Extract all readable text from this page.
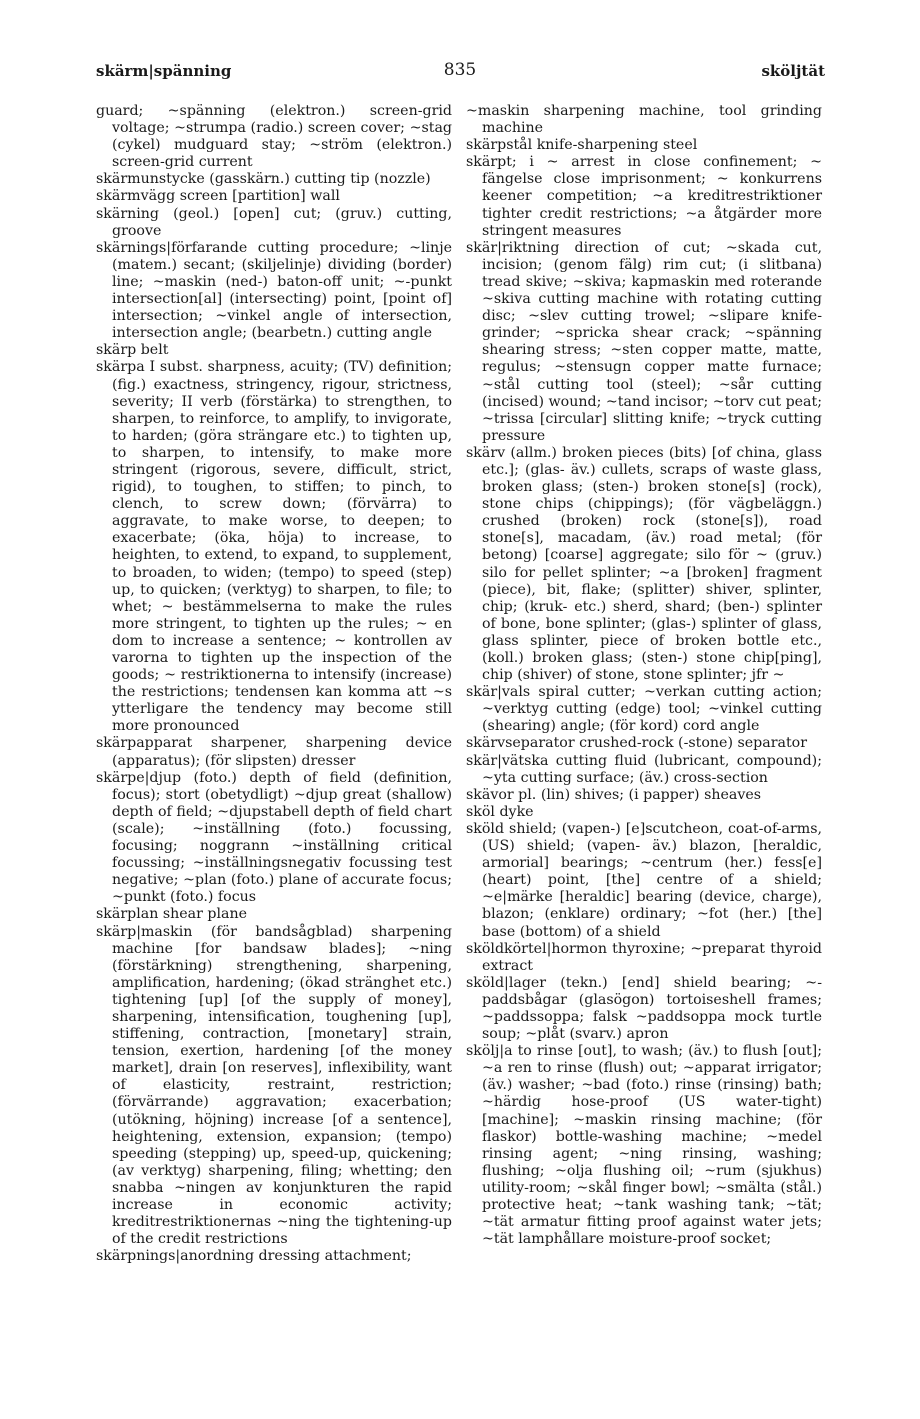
skärm|spänning	835	sköljtät

guard; ~spänning (elektron.) screen-grid voltage; ~strumpa (radio.) screen cover; ~stag (cykel) mudguard stay; ~ström (elektron.) screen-grid current

skärmunstycke (gasskärn.) cutting tip (nozzle)

skärmvägg screen [partition] wall

skärning (geol.) [open] cut; (gruv.) cutting, groove

skärnings|förfarande cutting procedure; ~linje (matem.) secant; (skiljelinje) dividing (border) line; ~maskin (ned-) baton-off unit; ~-punkt intersection[al] (intersecting) point, [point of] intersection; ~vinkel angle of intersection, intersection angle; (bearbetn.) cutting angle

skärp belt

skärpa I subst. sharpness, acuity; (TV) definition; (fig.) exactness, stringency, rigour, strictness, severity; II verb (förstärka) to strengthen, to sharpen, to reinforce, to amplify, to invigorate, to harden; (göra strängare etc.) to tighten up, to sharpen, to intensify, to make more stringent (rigorous, severe, difficult, strict, rigid), to toughen, to stiffen; to pinch, to clench, to screw down; (förvärra) to aggravate, to make worse, to deepen; to exacerbate; (öka, höja) to increase, to heighten, to extend, to expand, to supplement, to broaden, to widen; (tempo) to speed (step) up, to quicken; (verktyg) to sharpen, to file; to whet; ~ bestämmelserna to make the rules more stringent, to tighten up the rules; ~ en dom to increase a sentence; ~ kontrollen av varorna to tighten up the inspection of the goods; ~ restriktionerna to intensify (increase) the restrictions; tendensen kan komma att ~s ytterligare the tendency may become still more pronounced

skärpapparat sharpener, sharpening device (apparatus); (för slipsten) dresser

skärpe|djup (foto.) depth of field (definition, focus); stort (obetydligt) ~djup great (shallow) depth of field; ~djupstabell depth of field chart (scale); ~inställning (foto.) focussing, focusing; noggrann ~inställning critical focussing; ~inställningsnegativ focussing test negative; ~plan (foto.) plane of accurate focus; ~punkt (foto.) focus

skärplan shear plane

skärp|maskin (för bandsågblad) sharpening machine [for bandsaw blades]; ~ning (förstärkning) strengthening, sharpening, amplification, hardening; (ökad stränghet etc.) tightening [up] [of the supply of money], sharpening, intensification, toughening [up], stiffening, contraction, [monetary] strain, tension, exertion, hardening [of the money market], drain [on reserves], inflexibility, want of elasticity, restraint, restriction; (förvärrande) aggravation; exacerbation; (utökning, höjning) increase [of a sentence], heightening, extension, expansion; (tempo) speeding (stepping) up, speed-up, quickening; (av verktyg) sharpening, filing; whetting; den snabba ~ningen av konjunkturen the rapid increase in economic activity; kreditrestriktionernas ~ning the tightening-up of the credit restrictions

skärpnings|anordning dressing attachment;

~maskin sharpening machine, tool grinding machine

skärpstål knife-sharpening steel

skärpt; i ~ arrest in close confinement; ~ fängelse close imprisonment; ~ konkurrens keener competition; ~a kreditrestriktioner tighter credit restrictions; ~a åtgärder more stringent measures

skär|riktning direction of cut; ~skada cut, incision; (genom fälg) rim cut; (i slitbana) tread skive; ~skiva; kapmaskin med roterande ~skiva cutting machine with rotating cutting disc; ~slev cutting trowel; ~slipare knife-grinder; ~spricka shear crack; ~spänning shearing stress; ~sten copper matte, matte, regulus; ~stensugn copper matte furnace; ~stål cutting tool (steel); ~sår cutting (incised) wound; ~tand incisor; ~torv cut peat; ~trissa [circular] slitting knife; ~tryck cutting pressure

skärv (allm.) broken pieces (bits) [of china, glass etc.]; (glas- äv.) cullets, scraps of waste glass, broken glass; (sten-) broken stone[s] (rock), stone chips (chippings); (för vägbeläggn.) crushed (broken) rock (stone[s]), road stone[s], macadam, (äv.) road metal; (för betong) [coarse] aggregate; silo för ~ (gruv.) silo for pellet splinter; ~a [broken] fragment (piece), bit, flake; (splitter) shiver, splinter, chip; (kruk- etc.) sherd, shard; (ben-) splinter of bone, bone splinter; (glas-) splinter of glass, glass splinter, piece of broken bottle etc., (koll.) broken glass; (sten-) stone chip[ping], chip (shiver) of stone, stone splinter; jfr ~

skär|vals spiral cutter; ~verkan cutting action; ~verktyg cutting (edge) tool; ~vinkel cutting (shearing) angle; (för kord) cord angle

skärvseparator crushed-rock (-stone) separator

skär|vätska cutting fluid (lubricant, compound); ~yta cutting surface; (äv.) cross-section

skävor pl. (lin) shives; (i papper) sheaves

sköl dyke

sköld shield; (vapen-) [e]scutcheon, coat-of-arms, (US) shield; (vapen- äv.) blazon, [heraldic, armorial] bearings; ~centrum (her.) fess[e] (heart) point, [the] centre of a shield; ~e|märke [heraldic] bearing (device, charge), blazon; (enklare) ordinary; ~fot (her.) [the] base (bottom) of a shield

sköldkörtel|hormon thyroxine; ~preparat thyroid extract

sköld|lager (tekn.) [end] shield bearing; ~-paddsbågar (glasögon) tortoiseshell frames; ~paddssoppa; falsk ~paddsoppa mock turtle soup; ~plåt (svarv.) apron

skölj|a to rinse [out], to wash; (äv.) to flush [out]; ~a ren to rinse (flush) out; ~apparat irrigator; (äv.) washer; ~bad (foto.) rinse (rinsing) bath; ~härdig hose-proof (US water-tight) [machine]; ~maskin rinsing machine; (för flaskor) bottle-washing machine; ~medel rinsing agent; ~ning rinsing, washing; flushing; ~olja flushing oil; ~rum (sjukhus) utility-room; ~skål finger bowl; ~smälta (stål.) protective heat; ~tank washing tank; ~tät; ~tät armatur fitting proof against water jets; ~tät lamphållare moisture-proof socket;
